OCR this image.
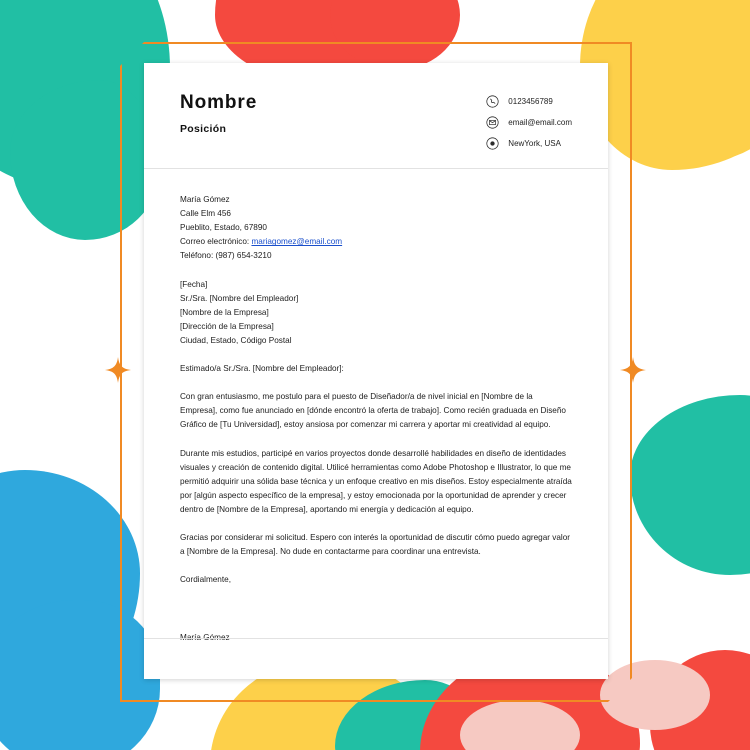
Nombre
Posición
0123456789
email@email.com
NewYork, USA
María Gómez
Calle Elm 456
Pueblito, Estado, 67890
Correo electrónico: mariagomez@email.com
Teléfono: (987) 654-3210
[Fecha]
Sr./Sra. [Nombre del Empleador]
[Nombre de la Empresa]
[Dirección de la Empresa]
Ciudad, Estado, Código Postal
Estimado/a Sr./Sra. [Nombre del Empleador]:
Con gran entusiasmo, me postulo para el puesto de Diseñador/a de nivel inicial en [Nombre de la Empresa], como fue anunciado en [dónde encontró la oferta de trabajo]. Como recién graduada en Diseño Gráfico de [Tu Universidad], estoy ansiosa por comenzar mi carrera y aportar mi creatividad al equipo.
Durante mis estudios, participé en varios proyectos donde desarrollé habilidades en diseño de identidades visuales y creación de contenido digital. Utilicé herramientas como Adobe Photoshop e Illustrator, lo que me permitió adquirir una sólida base técnica y un enfoque creativo en mis diseños. Estoy especialmente atraída por [algún aspecto específico de la empresa], y estoy emocionada por la oportunidad de aprender y crecer dentro de [Nombre de la Empresa], aportando mi energía y dedicación al equipo.
Gracias por considerar mi solicitud. Espero con interés la oportunidad de discutir cómo puedo agregar valor a [Nombre de la Empresa]. No dude en contactarme para coordinar una entrevista.
Cordialmente,
María Gómez
